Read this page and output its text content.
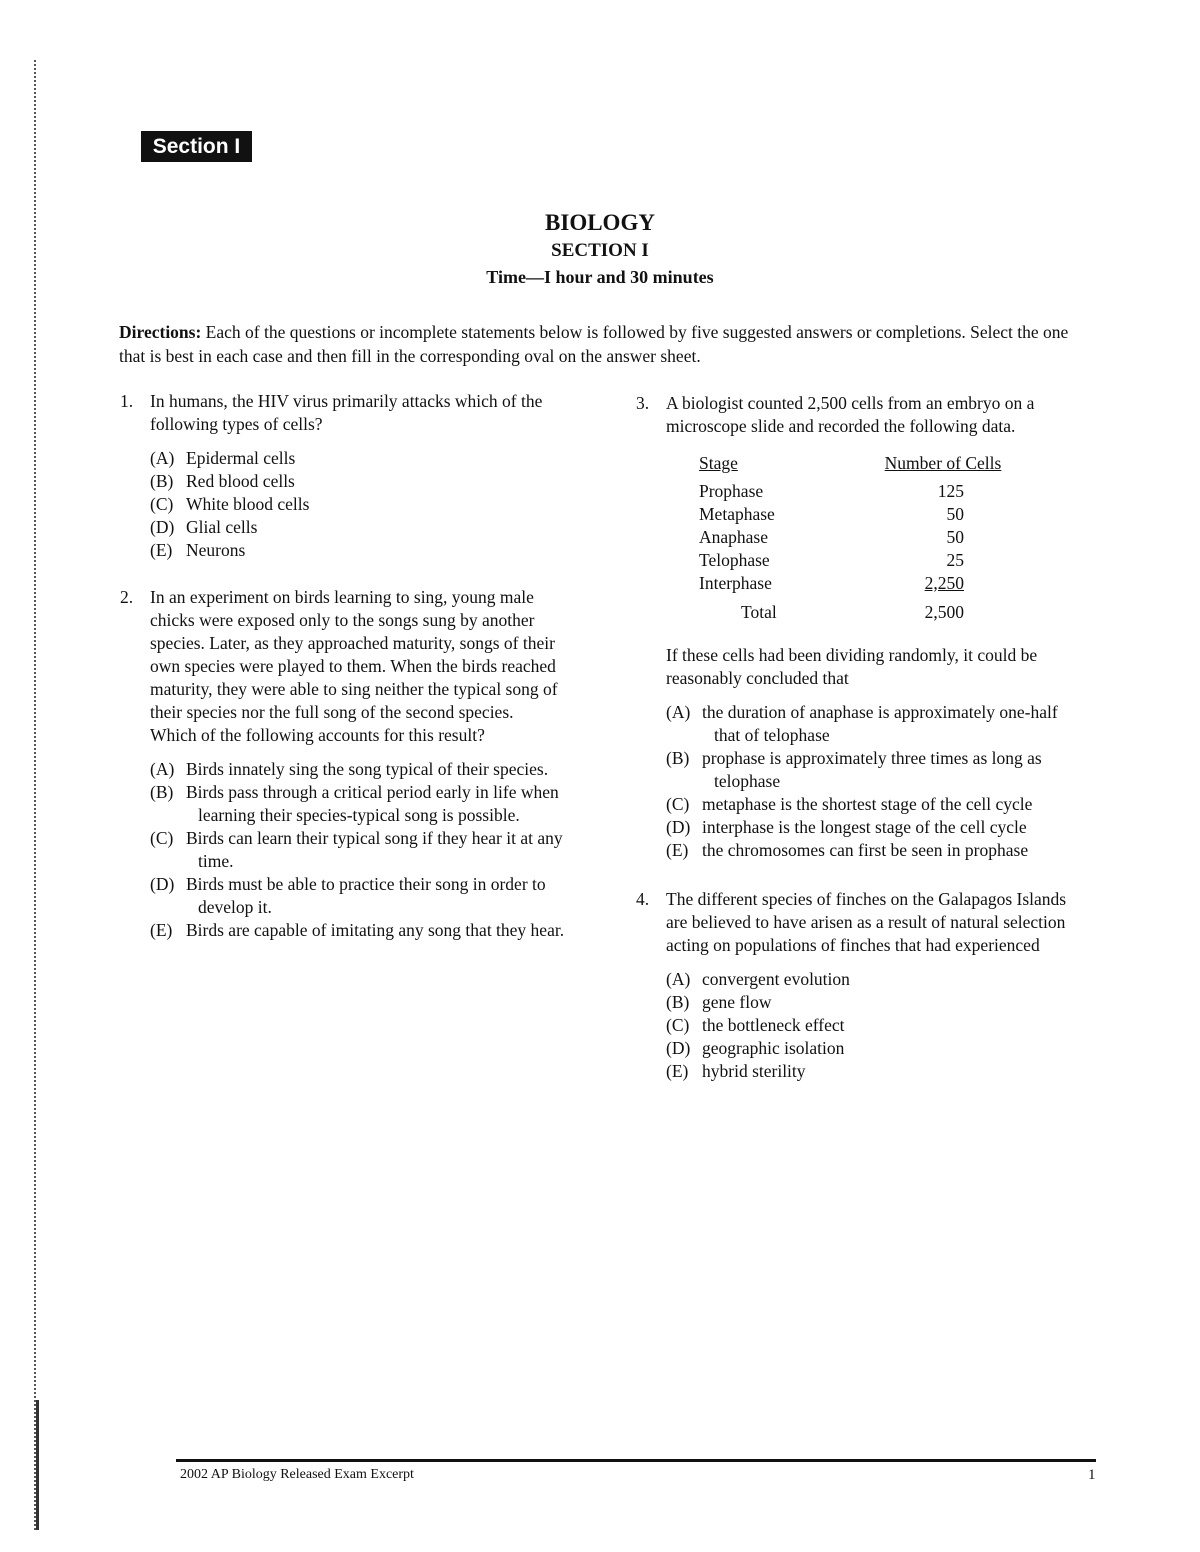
Section I
BIOLOGY
SECTION I
Time—I hour and 30 minutes
Directions: Each of the questions or incomplete statements below is followed by five suggested answers or completions. Select the one that is best in each case and then fill in the corresponding oval on the answer sheet.
1. In humans, the HIV virus primarily attacks which of the following types of cells?

(A) Epidermal cells
(B) Red blood cells
(C) White blood cells
(D) Glial cells
(E) Neurons
2. In an experiment on birds learning to sing, young male chicks were exposed only to the songs sung by another species. Later, as they approached maturity, songs of their own species were played to them. When the birds reached maturity, they were able to sing neither the typical song of their species nor the full song of the second species. Which of the following accounts for this result?

(A) Birds innately sing the song typical of their species.
(B) Birds pass through a critical period early in life when learning their species-typical song is possible.
(C) Birds can learn their typical song if they hear it at any time.
(D) Birds must be able to practice their song in order to develop it.
(E) Birds are capable of imitating any song that they hear.
3. A biologist counted 2,500 cells from an embryo on a microscope slide and recorded the following data.

Stage	Number of Cells
Prophase	125
Metaphase	50
Anaphase	50
Telophase	25
Interphase	2,250
Total	2,500

If these cells had been dividing randomly, it could be reasonably concluded that

(A) the duration of anaphase is approximately one-half that of telophase
(B) prophase is approximately three times as long as telophase
(C) metaphase is the shortest stage of the cell cycle
(D) interphase is the longest stage of the cell cycle
(E) the chromosomes can first be seen in prophase
4. The different species of finches on the Galapagos Islands are believed to have arisen as a result of natural selection acting on populations of finches that had experienced

(A) convergent evolution
(B) gene flow
(C) the bottleneck effect
(D) geographic isolation
(E) hybrid sterility
2002 AP Biology Released Exam Excerpt	1
